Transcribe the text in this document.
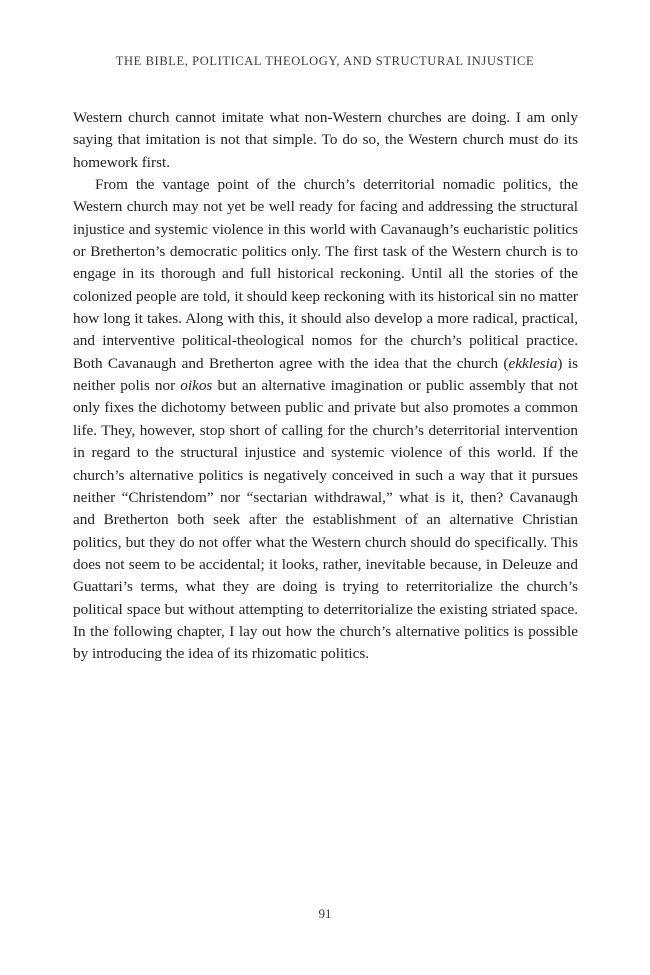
THE BIBLE, POLITICAL THEOLOGY, AND STRUCTURAL INJUSTICE

Western church cannot imitate what non-Western churches are doing. I am only saying that imitation is not that simple. To do so, the Western church must do its homework first.

From the vantage point of the church’s deterritorial nomadic politics, the Western church may not yet be well ready for facing and addressing the structural injustice and systemic violence in this world with Cavanaugh’s eucharistic politics or Bretherton’s democratic politics only. The first task of the Western church is to engage in its thorough and full historical reckoning. Until all the stories of the colonized people are told, it should keep reckoning with its historical sin no matter how long it takes. Along with this, it should also develop a more radical, practical, and interventive political-theological nomos for the church’s political practice. Both Cavanaugh and Bretherton agree with the idea that the church (ekklesia) is neither polis nor oikos but an alternative imagination or public assembly that not only fixes the dichotomy between public and private but also promotes a common life. They, however, stop short of calling for the church’s deterritorial intervention in regard to the structural injustice and systemic violence of this world. If the church’s alternative politics is negatively conceived in such a way that it pursues neither “Christendom” nor “sectarian withdrawal,” what is it, then? Cavanaugh and Bretherton both seek after the establishment of an alternative Christian politics, but they do not offer what the Western church should do specifically. This does not seem to be accidental; it looks, rather, inevitable because, in Deleuze and Guattari’s terms, what they are doing is trying to reterritorialize the church’s political space but without attempting to deterritorialize the existing striated space. In the following chapter, I lay out how the church’s alternative politics is possible by introducing the idea of its rhizomatic politics.

91
